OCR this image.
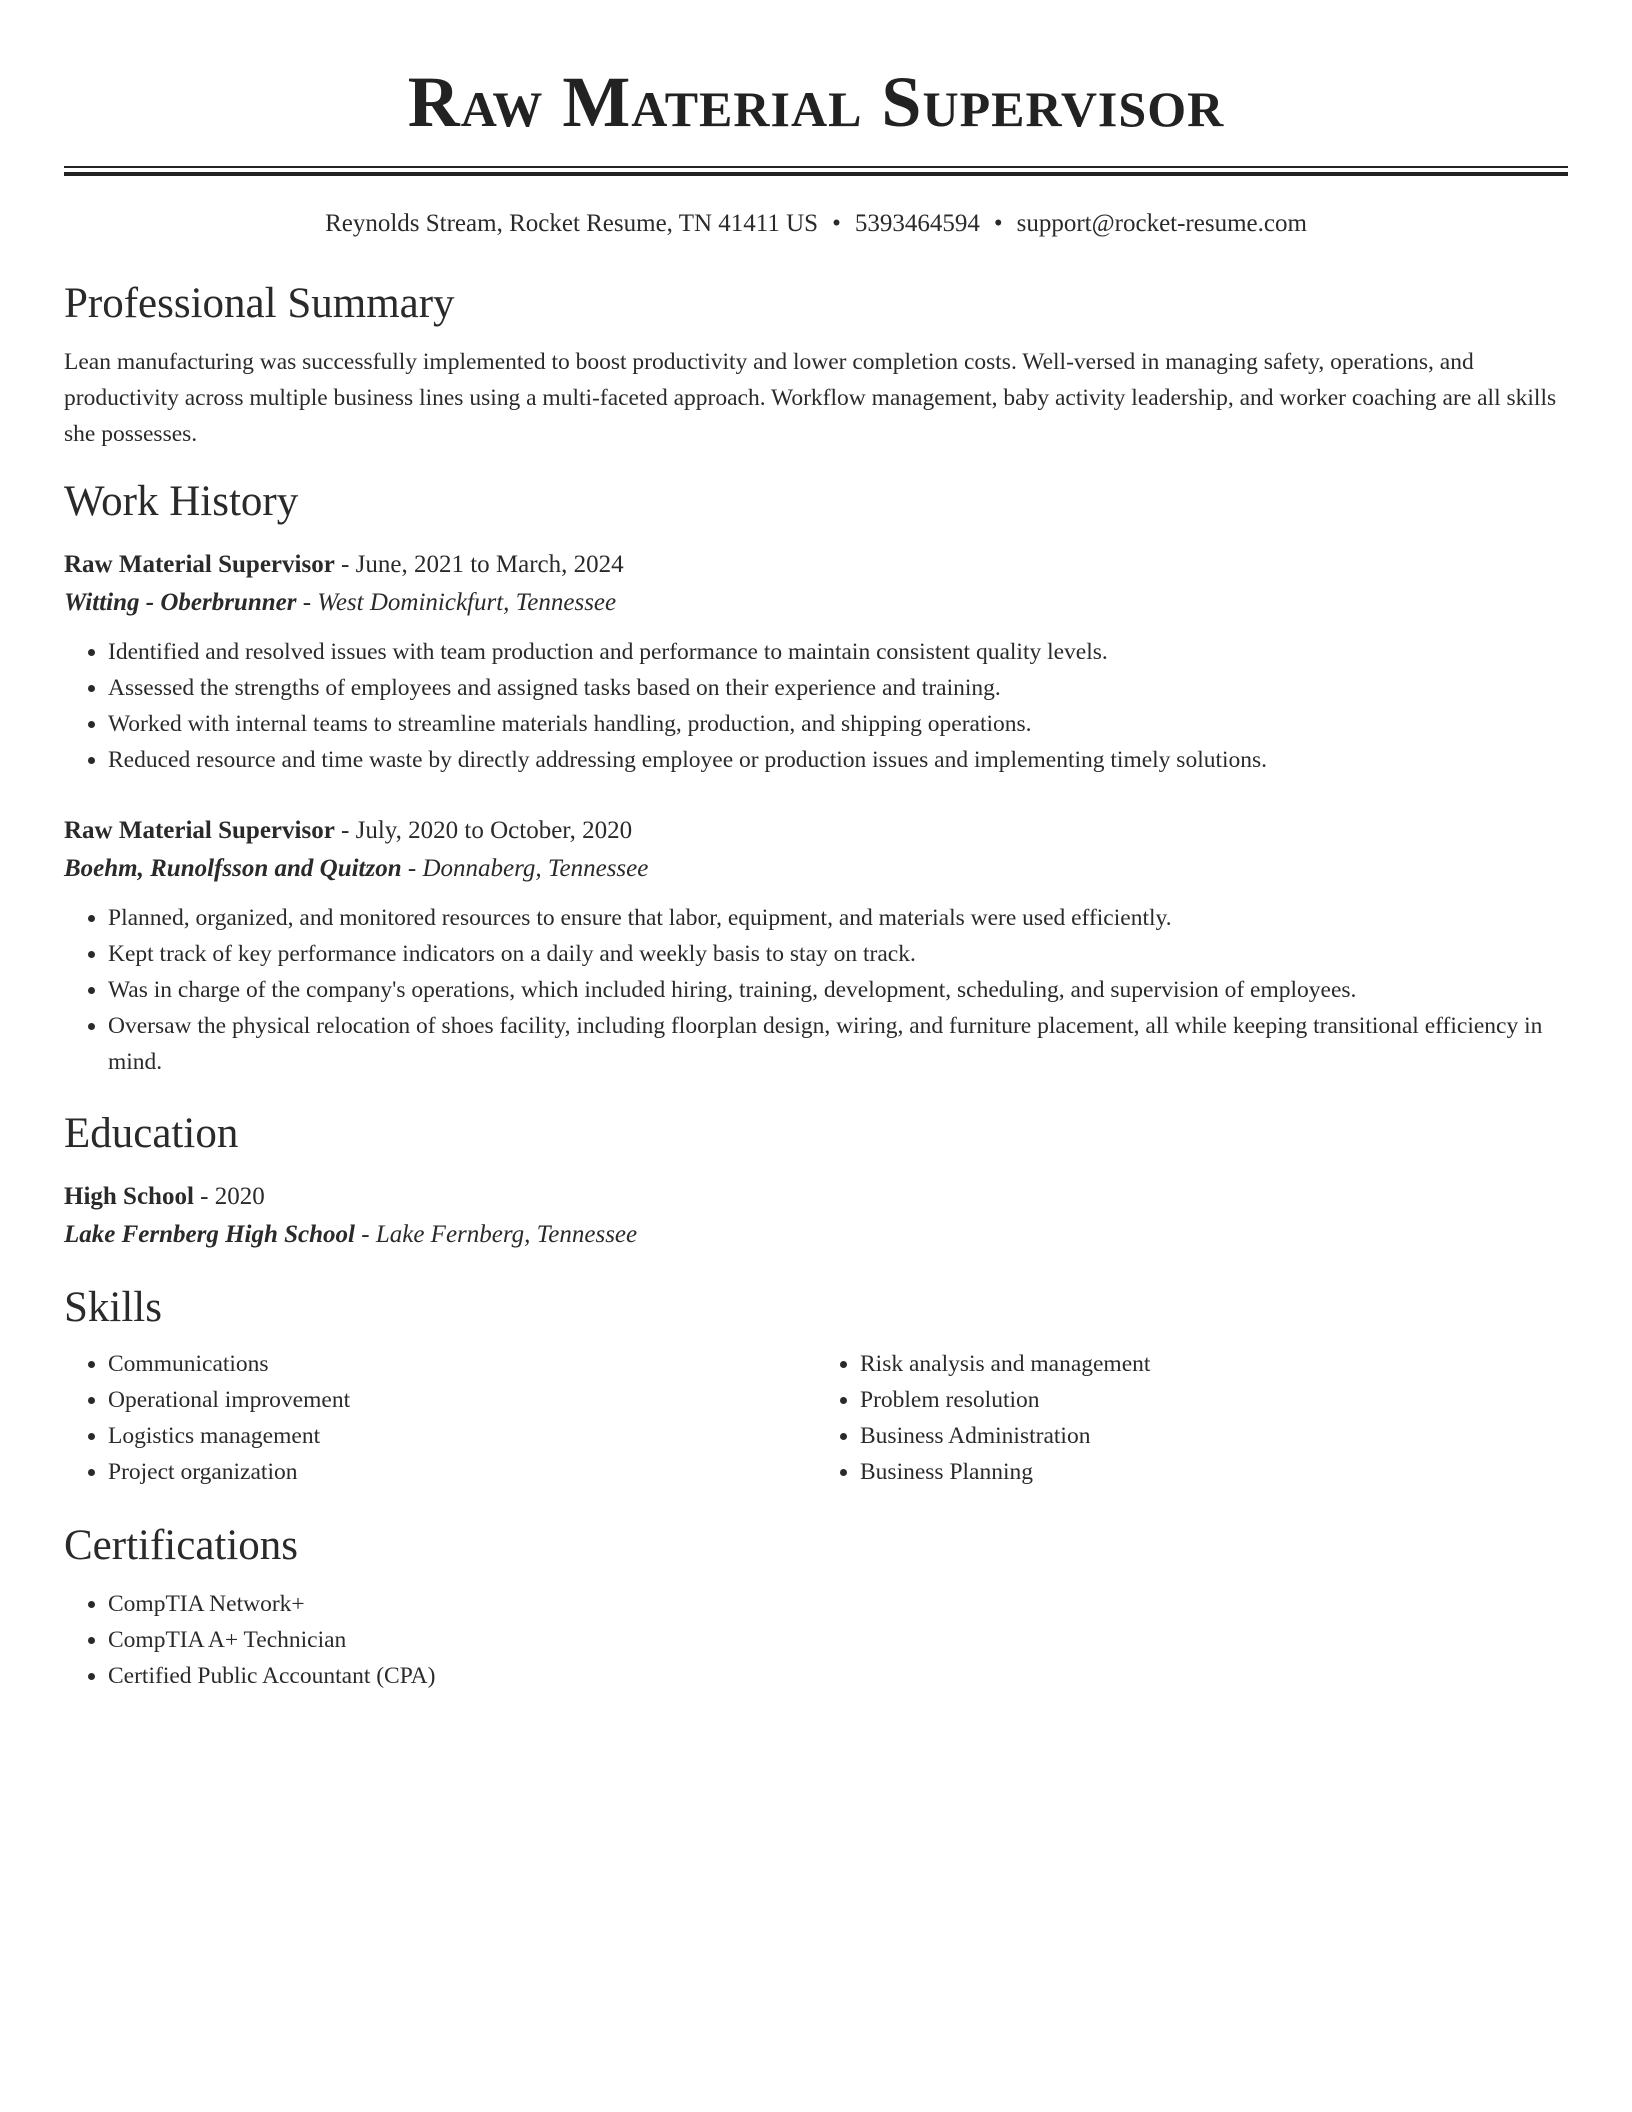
Raw Material Supervisor
Reynolds Stream, Rocket Resume, TN 41411 US • 5393464594 • support@rocket-resume.com
Professional Summary

Lean manufacturing was successfully implemented to boost productivity and lower completion costs. Well-versed in managing safety, operations, and productivity across multiple business lines using a multi-faceted approach. Workflow management, baby activity leadership, and worker coaching are all skills she possesses.

Work History
Raw Material Supervisor - June, 2021 to March, 2024
Witting - Oberbrunner - West Dominickfurt, Tennessee
• Identified and resolved issues with team production and performance to maintain consistent quality levels.
• Assessed the strengths of employees and assigned tasks based on their experience and training.
• Worked with internal teams to streamline materials handling, production, and shipping operations.
• Reduced resource and time waste by directly addressing employee or production issues and implementing timely solutions.
Raw Material Supervisor - July, 2020 to October, 2020
Boehm, Runolfsson and Quitzon - Donnaberg, Tennessee
• Planned, organized, and monitored resources to ensure that labor, equipment, and materials were used efficiently.
• Kept track of key performance indicators on a daily and weekly basis to stay on track.
• Was in charge of the company's operations, which included hiring, training, development, scheduling, and supervision of employees.
• Oversaw the physical relocation of shoes facility, including floorplan design, wiring, and furniture placement, all while keeping transitional efficiency in mind.
Education
High School - 2020
Lake Fernberg High School - Lake Fernberg, Tennessee
Skills
• Communications
• Operational improvement
• Logistics management
• Project organization
• Risk analysis and management
• Problem resolution
• Business Administration
• Business Planning
Certifications
• CompTIA Network+
• CompTIA A+ Technician
• Certified Public Accountant (CPA)
